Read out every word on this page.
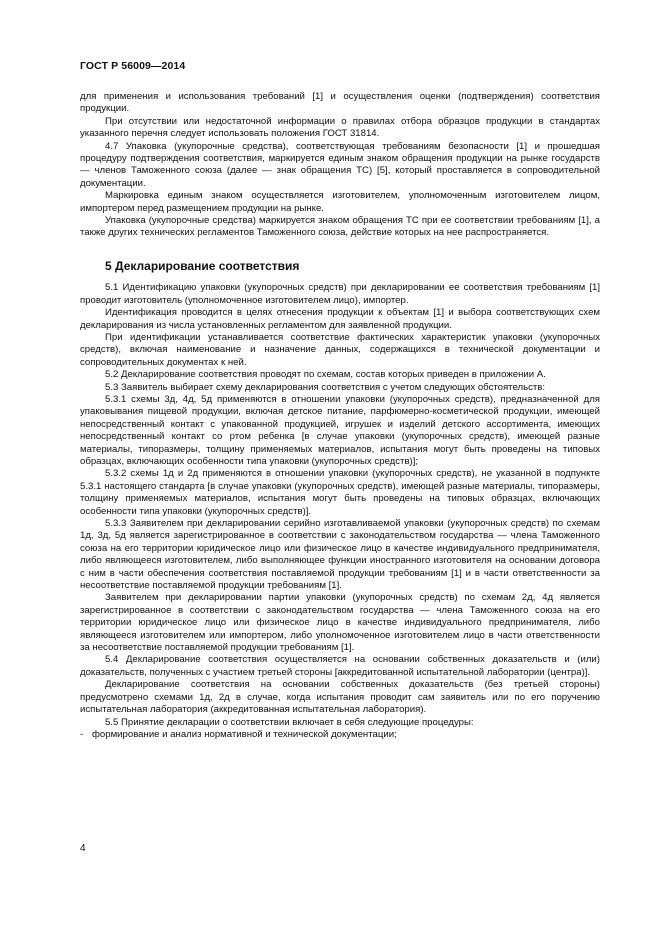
ГОСТ Р 56009—2014

для применения и использования требований [1] и осуществления оценки (подтверждения) соответствия продукции.

При отсутствии или недостаточной информации о правилах отбора образцов продукции в стандартах указанного перечня следует использовать положения ГОСТ 31814.

4.7 Упаковка (укупорочные средства), соответствующая требованиям безопасности [1] и прошедшая процедуру подтверждения соответствия, маркируется единым знаком обращения продукции на рынке государств — членов Таможенного союза (далее — знак обращения ТС) [5], который проставляется в сопроводительной документации.

Маркировка единым знаком осуществляется изготовителем, уполномоченным изготовителем лицом, импортером перед размещением продукции на рынке.

Упаковка (укупорочные средства) маркируется знаком обращения ТС при ее соответствии требованиям [1], а также других технических регламентов Таможенного союза, действие которых на нее распространяется.

5 Декларирование соответствия

5.1 Идентификацию упаковки (укупорочных средств) при декларировании ее соответствия требованиям [1] проводит изготовитель (уполномоченное изготовителем лицо), импортер.

Идентификация проводится в целях отнесения продукции к объектам [1] и выбора соответствующих схем декларирования из числа установленных регламентом для заявленной продукции.

При идентификации устанавливается соответствие фактических характеристик упаковки (укупорочных средств), включая наименование и назначение данных, содержащихся в технической документации и сопроводительных документах к ней.

5.2 Декларирование соответствия проводят по схемам, состав которых приведен в приложении А.

5.3 Заявитель выбирает схему декларирования соответствия с учетом следующих обстоятельств:

5.3.1 схемы 3д, 4д, 5д применяются в отношении упаковки (укупорочных средств), предназначенной для упаковывания пищевой продукции, включая детское питание, парфюмерно-косметической продукции, имеющей непосредственный контакт с упакованной продукцией, игрушек и изделий детского ассортимента, имеющих непосредственный контакт со ртом ребенка [в случае упаковки (укупорочных средств), имеющей разные материалы, типоразмеры, толщину применяемых материалов, испытания могут быть проведены на типовых образцах, включающих особенности типа упаковки (укупорочных средств)];

5.3.2 схемы 1д и 2д применяются в отношении упаковки (укупорочных средств), не указанной в подпункте 5.3.1 настоящего стандарта [в случае упаковки (укупорочных средств), имеющей разные материалы, типоразмеры, толщину применяемых материалов, испытания могут быть проведены на типовых образцах, включающих особенности типа упаковки (укупорочных средств)].

5.3.3 Заявителем при декларировании серийно изготавливаемой упаковки (укупорочных средств) по схемам 1д, 3д, 5д является зарегистрированное в соответствии с законодательством государства — члена Таможенного союза на его территории юридическое лицо или физическое лицо в качестве индивидуального предпринимателя, либо являющееся изготовителем, либо выполняющее функции иностранного изготовителя на основании договора с ним в части обеспечения соответствия поставляемой продукции требованиям [1] и в части ответственности за несоответствие поставляемой продукции требованиям [1].

Заявителем при декларировании партии упаковки (укупорочных средств) по схемам 2д, 4д является зарегистрированное в соответствии с законодательством государства — члена Таможенного союза на его территории юридическое лицо или физическое лицо в качестве индивидуального предпринимателя, либо являющееся изготовителем или импортером, либо уполномоченное изготовителем лицо в части ответственности за несоответствие поставляемой продукции требованиям [1].

5.4 Декларирование соответствия осуществляется на основании собственных доказательств и (или) доказательств, полученных с участием третьей стороны [аккредитованной испытательной лаборатории (центра)].

Декларирование соответствия на основании собственных доказательств (без третьей стороны) предусмотрено схемами 1д, 2д в случае, когда испытания проводит сам заявитель или по его поручению испытательная лаборатория (аккредитованная испытательная лаборатория).

5.5 Принятие декларации о соответствии включает в себя следующие процедуры:

- формирование и анализ нормативной и технической документации;
4
